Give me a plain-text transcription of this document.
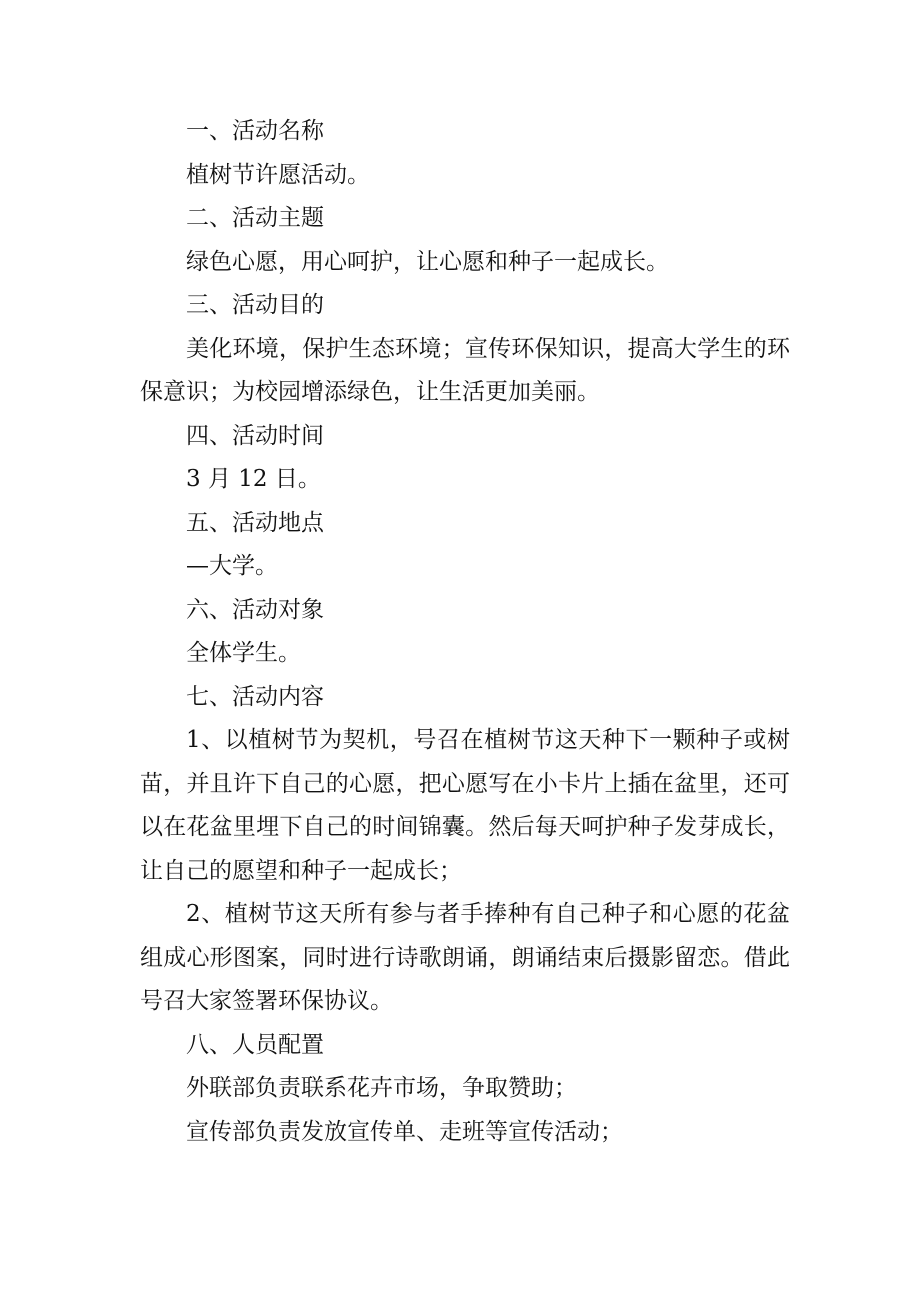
一、活动名称

植树节许愿活动。

二、活动主题

绿色心愿，用心呵护，让心愿和种子一起成长。

三、活动目的

美化环境，保护生态环境；宣传环保知识，提高大学生的环保意识；为校园增添绿色，让生活更加美丽。

四、活动时间

3 月 12 日。

五、活动地点

—大学。

六、活动对象

全体学生。

七、活动内容

1、以植树节为契机，号召在植树节这天种下一颗种子或树苗，并且许下自己的心愿，把心愿写在小卡片上插在盆里，还可以在花盆里埋下自己的时间锦囊。然后每天呵护种子发芽成长，让自己的愿望和种子一起成长；

2、植树节这天所有参与者手捧种有自己种子和心愿的花盆组成心形图案，同时进行诗歌朗诵，朗诵结束后摄影留恋。借此号召大家签署环保协议。

八、人员配置

外联部负责联系花卉市场，争取赞助；

宣传部负责发放宣传单、走班等宣传活动；
